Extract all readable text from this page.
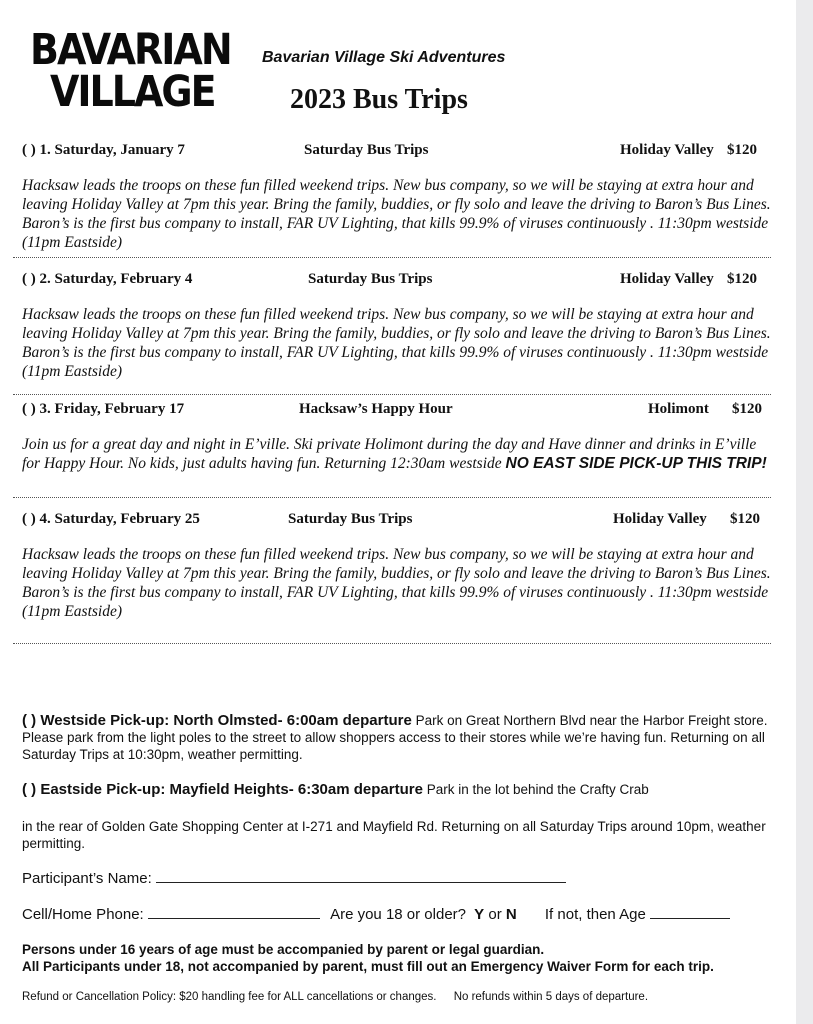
BAVARIAN
VILLAGE
Bavarian Village Ski Adventures
2023 Bus Trips
( ) 1. Saturday, January 7	Saturday Bus Trips	Holiday Valley $120
Hacksaw leads the troops on these fun filled weekend trips. New bus company, so we will be staying at extra hour and leaving Holiday Valley at 7pm this year. Bring the family, buddies, or fly solo and leave the driving to Baron’s Bus Lines. Baron’s is the first bus company to install, FAR UV Lighting, that kills 99.9% of viruses continuously . 11:30pm westside (11pm Eastside)
( ) 2. Saturday, February 4	Saturday Bus Trips	Holiday Valley $120
Hacksaw leads the troops on these fun filled weekend trips. New bus company, so we will be staying at extra hour and leaving Holiday Valley at 7pm this year. Bring the family, buddies, or fly solo and leave the driving to Baron’s Bus Lines. Baron’s is the first bus company to install, FAR UV Lighting, that kills 99.9% of viruses continuously . 11:30pm westside (11pm Eastside)
( ) 3. Friday, February 17	Hacksaw’s Happy Hour	Holimont $120
Join us for a great day and night in E’ville. Ski private Holimont during the day and Have dinner and drinks in E’ville for Happy Hour. No kids, just adults having fun. Returning 12:30am westside NO EAST SIDE PICK-UP THIS TRIP!
( ) 4. Saturday, February 25	Saturday Bus Trips	Holiday Valley $120
Hacksaw leads the troops on these fun filled weekend trips. New bus company, so we will be staying at extra hour and leaving Holiday Valley at 7pm this year. Bring the family, buddies, or fly solo and leave the driving to Baron’s Bus Lines. Baron’s is the first bus company to install, FAR UV Lighting, that kills 99.9% of viruses continuously . 11:30pm westside (11pm Eastside)
( ) Westside Pick-up: North Olmsted- 6:00am departure Park on Great Northern Blvd near the Harbor Freight store. Please park from the light poles to the street to allow shoppers access to their stores while we’re having fun. Returning on all Saturday Trips at 10:30pm, weather permitting.
( ) Eastside Pick-up: Mayfield Heights- 6:30am departure Park in the lot behind the Crafty Crab
in the rear of Golden Gate Shopping Center at I-271 and Mayfield Rd. Returning on all Saturday Trips around 10pm, weather permitting.
Participant’s Name:
Cell/Home Phone:	Are you 18 or older? Y or N If not, then Age
Persons under 16 years of age must be accompanied by parent or legal guardian.
All Participants under 18, not accompanied by parent, must fill out an Emergency Waiver Form for each trip.
Refund or Cancellation Policy: $20 handling fee for ALL cancellations or changes. No refunds within 5 days of departure.
